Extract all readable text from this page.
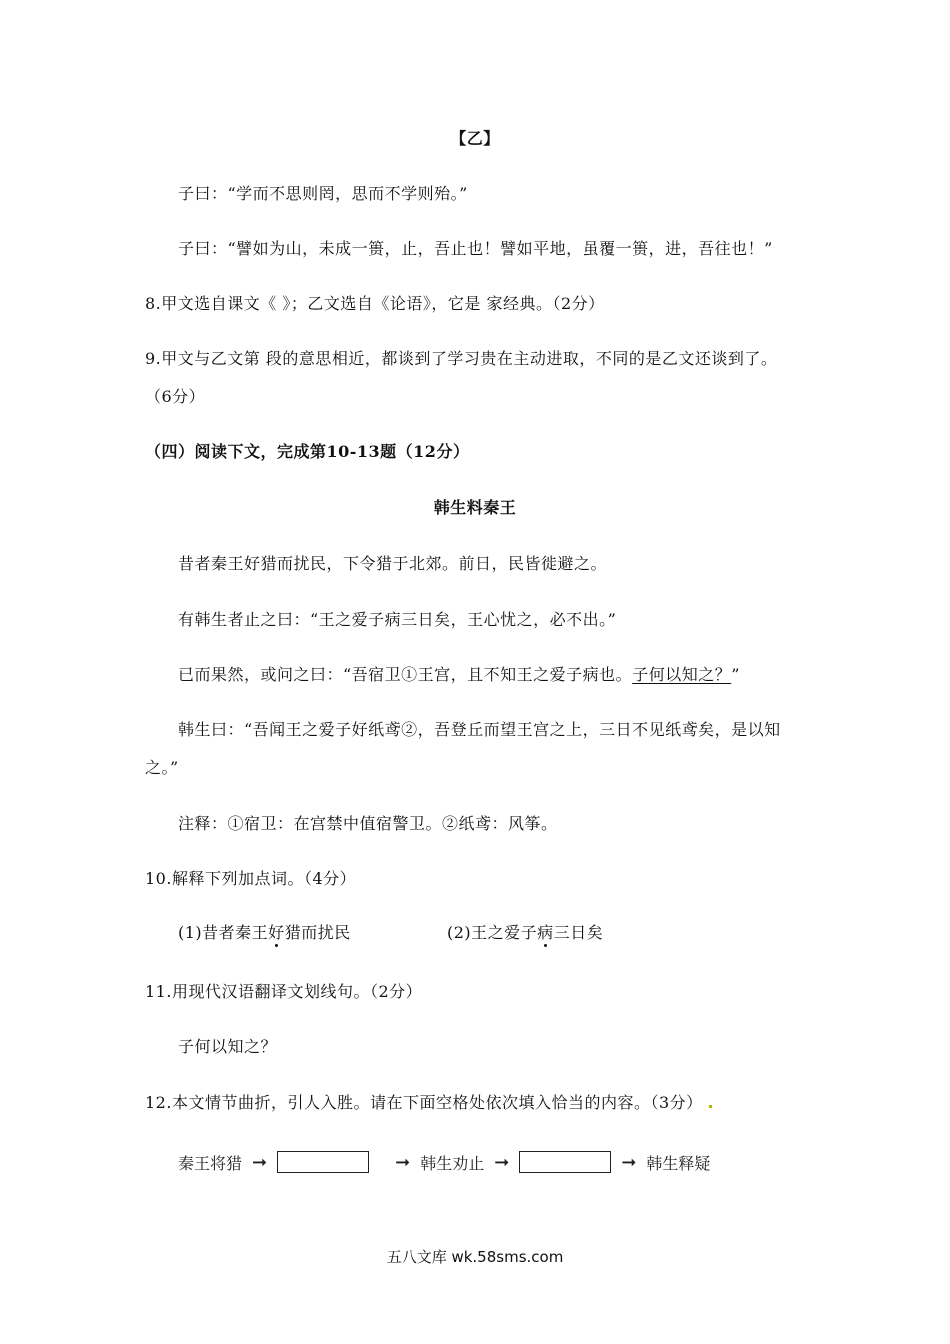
【乙】
子曰：“学而不思则罔，思而不学则殆。”
子曰：“譬如为山，未成一篑，止，吾止也！譬如平地，虽覆一篑，进，吾往也！”
8.甲文选自课文《 》；乙文选自《论语》，它是 家经典。（2分）
9.甲文与乙文第 段的意思相近，都谈到了学习贵在主动进取，不同的是乙文还谈到了。
（6分）
（四）阅读下文，完成第10-13题（12分）
韩生料秦王
昔者秦王好猎而扰民，下令猎于北郊。前日，民皆徙避之。
有韩生者止之曰：“王之爱子病三日矣，王心忧之，必不出。”
已而果然，或问之曰：“吾宿卫①王宫，且不知王之爱子病也。子何以知之？”
韩生曰：“吾闻王之爱子好纸鸢②，吾登丘而望王宫之上，三日不见纸鸢矣，是以知
之。”
注释：①宿卫：在宫禁中值宿警卫。②纸鸢：风筝。
10.解释下列加点词。（4分）
(1)昔者秦王好猎而扰民	(2)王之爱子病三日矣
11.用现代汉语翻译文划线句。（2分）
子何以知之？
12.本文情节曲折，引人入胜。请在下面空格处依次填入恰当的内容。（3分）
秦王将猎 ➞	➞ 韩生劝止 ➞	➞ 韩生释疑
五八文库 wk.58sms.com
